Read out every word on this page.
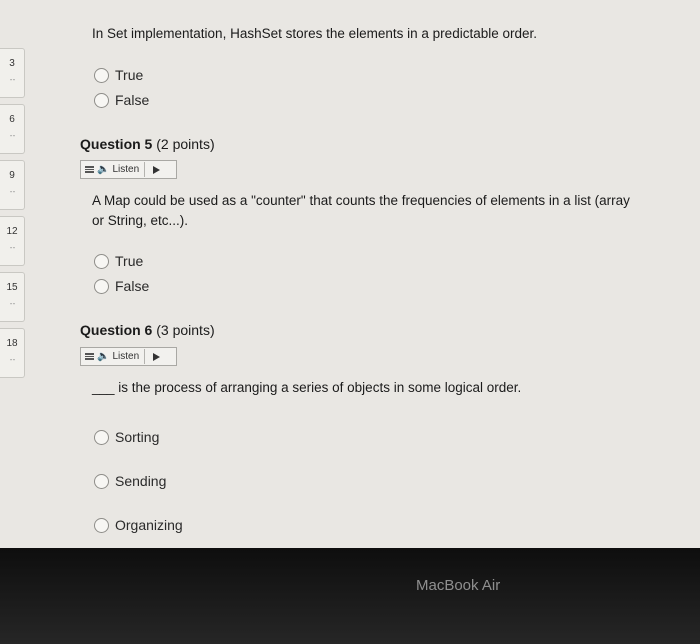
3
- -
6
- -
9
- -
12
- -
15
- -
18
- -
In Set implementation, HashSet stores the elements in a predictable order.
True
False
Question 5 (2 points)
🔈 Listen
A Map could be used as a "counter" that counts the frequencies of elements in a list (array or String, etc...).
True
False
Question 6 (3 points)
🔈 Listen
___ is the process of arranging a series of objects in some logical order.
Sorting
Sending
Organizing
MacBook Air
